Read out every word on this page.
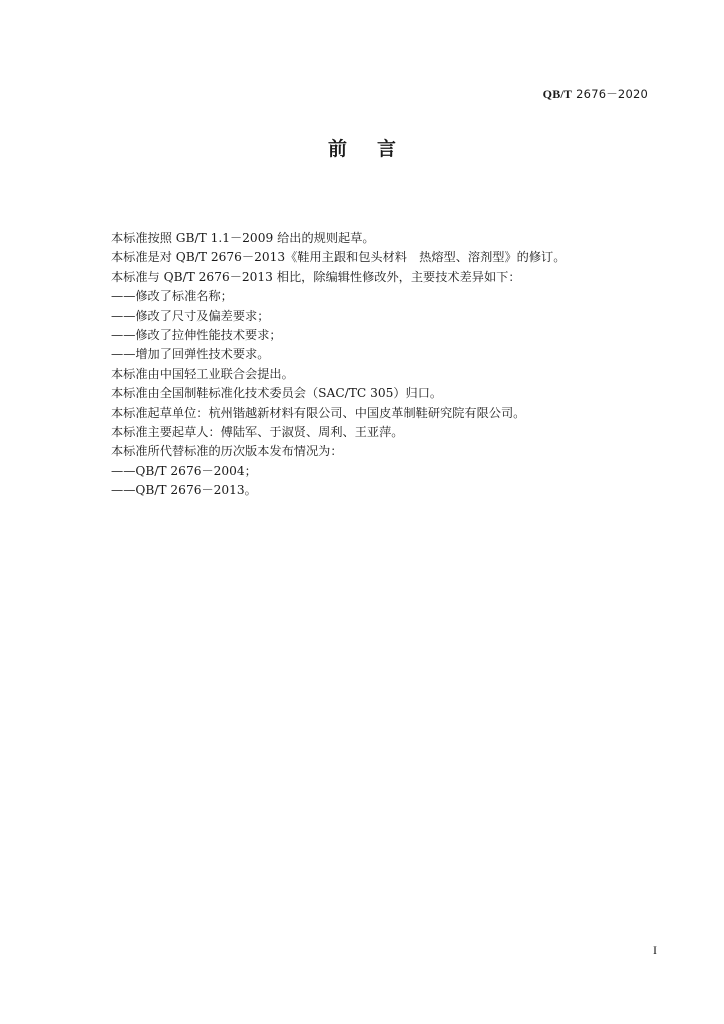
QB/T 2676－2020
前言
本标准按照 GB/T 1.1－2009 给出的规则起草。
本标准是对 QB/T 2676－2013《鞋用主跟和包头材料　热熔型、溶剂型》的修订。
本标准与 QB/T 2676－2013 相比，除编辑性修改外，主要技术差异如下：
——修改了标准名称；
——修改了尺寸及偏差要求；
——修改了拉伸性能技术要求；
——增加了回弹性技术要求。
本标准由中国轻工业联合会提出。
本标准由全国制鞋标准化技术委员会（SAC/TC 305）归口。
本标准起草单位：杭州锴越新材料有限公司、中国皮革制鞋研究院有限公司。
本标准主要起草人：傅陆军、于淑贤、周利、王亚萍。
本标准所代替标准的历次版本发布情况为：
——QB/T 2676－2004；
——QB/T 2676－2013。
I
